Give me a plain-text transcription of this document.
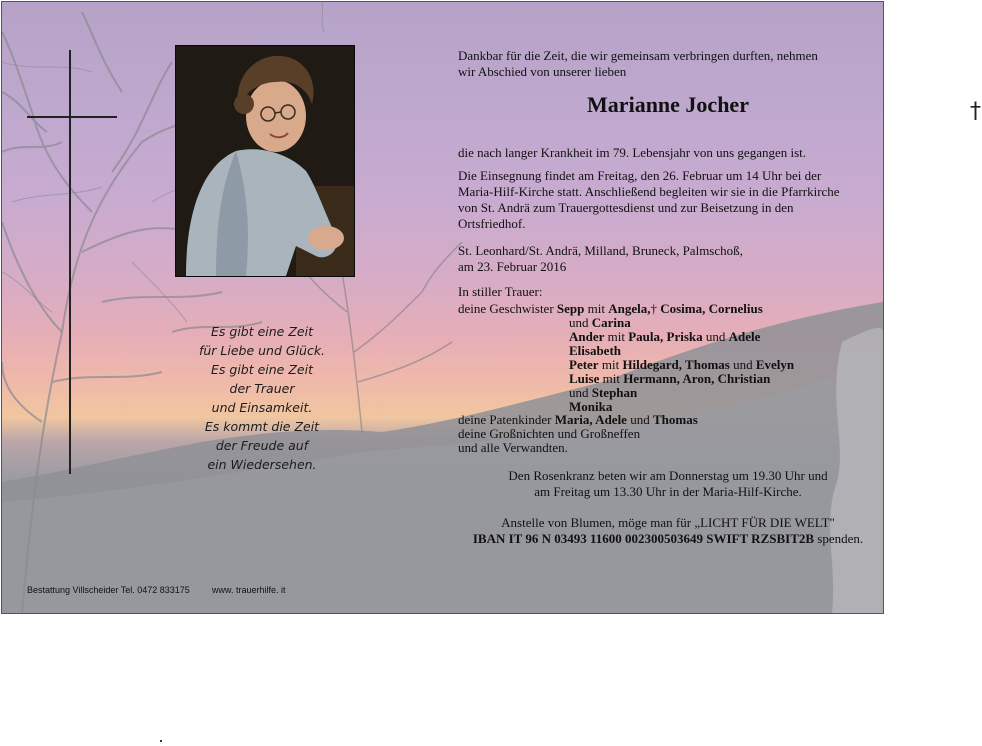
Es gibt eine Zeit
für Liebe und Glück.
Es gibt eine Zeit
der Trauer
und Einsamkeit.
Es kommt die Zeit
der Freude auf
ein Wiedersehen.
Bestattung Villscheider Tel. 0472 833175 www. trauerhilfe. it
Dankbar für die Zeit, die wir gemeinsam verbringen durften, nehmen
wir Abschied von unserer lieben
Marianne Jocher
die nach langer Krankheit im 79. Lebensjahr von uns gegangen ist.
Die Einsegnung findet am Freitag, den 26. Februar um 14 Uhr bei der
Maria-Hilf-Kirche statt. Anschließend begleiten wir sie in die Pfarrkirche
von St. Andrä zum Trauergottesdienst und zur Beisetzung in den
Ortsfriedhof.
St. Leonhard/St. Andrä, Milland, Bruneck, Palmschoß,
am 23. Februar 2016
In stiller Trauer:
deine Geschwister Sepp mit Angela,† Cosima, Cornelius
und Carina
Ander mit Paula, Priska und Adele
Elisabeth
Peter mit Hildegard, Thomas und Evelyn
Luise mit Hermann, Aron, Christian
und Stephan
Monika
deine Patenkinder Maria, Adele und Thomas
deine Großnichten und Großneffen
und alle Verwandten.
Den Rosenkranz beten wir am Donnerstag um 19.30 Uhr und
am Freitag um 13.30 Uhr in der Maria-Hilf-Kirche.
Anstelle von Blumen, möge man für „LICHT FÜR DIE WELT"
IBAN IT 96 N 03493 11600 002300503649 SWIFT RZSBIT2B spenden.
†
